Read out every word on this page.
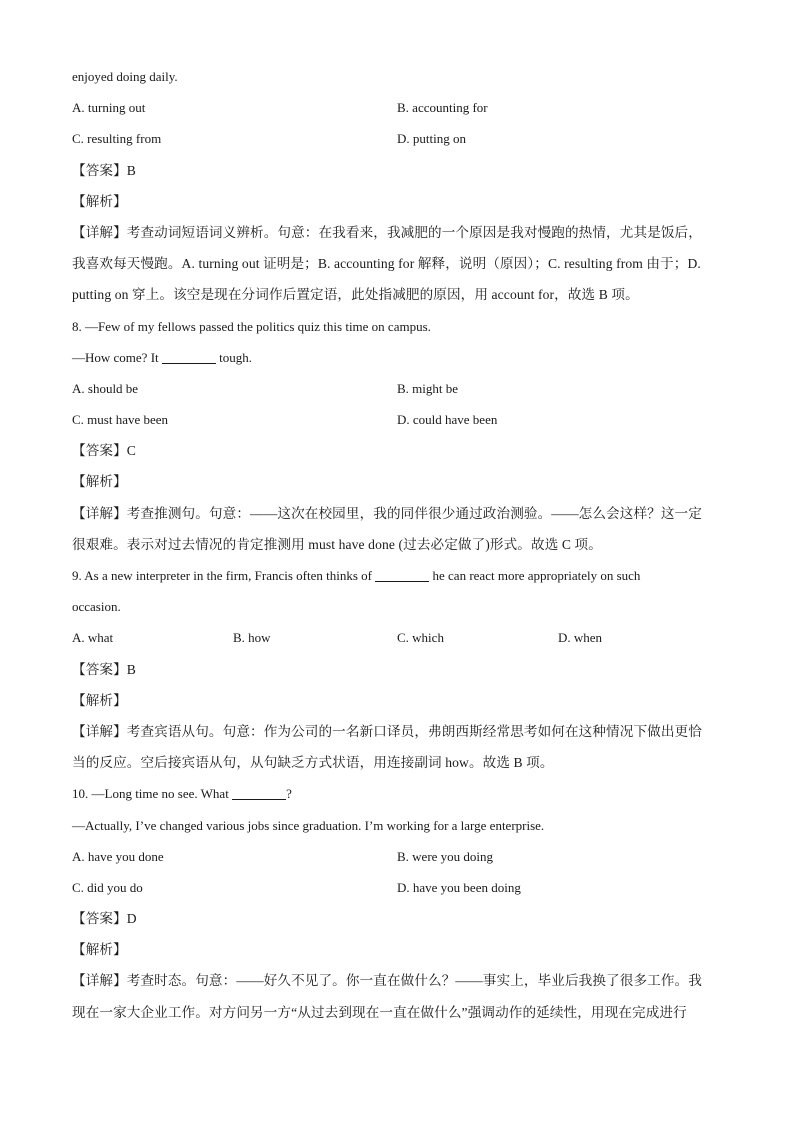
enjoyed doing daily.
A. turning out	B. accounting for
C. resulting from	D. putting on
【答案】B
【解析】
【详解】考查动词短语词义辨析。句意：在我看来，我减肥的一个原因是我对慢跑的热情，尤其是饭后，
我喜欢每天慢跑。A. turning out 证明是；B. accounting for 解释，说明（原因）；C. resulting from 由于；D.
putting on 穿上。该空是现在分词作后置定语，此处指减肥的原因，用 account for，故选 B 项。
8. —Few of my fellows passed the politics quiz this time on campus.
—How come? It	tough.
A. should be	B. might be
C. must have been	D. could have been
【答案】C
【解析】
【详解】考查推测句。句意：——这次在校园里，我的同伴很少通过政治测验。——怎么会这样？这一定
很艰难。表示对过去情况的肯定推测用 must have done (过去必定做了)形式。故选 C 项。
9. As a new interpreter in the firm, Francis often thinks of	he can react more appropriately on such
occasion.
A. what	B. how	C. which	D. when
【答案】B
【解析】
【详解】考查宾语从句。句意：作为公司的一名新口译员，弗朗西斯经常思考如何在这种情况下做出更恰
当的反应。空后接宾语从句，从句缺乏方式状语，用连接副词 how。故选 B 项。
10. —Long time no see. What	?
—Actually, I’ve changed various jobs since graduation. I’m working for a large enterprise.
A. have you done	B. were you doing
C. did you do	D. have you been doing
【答案】D
【解析】
【详解】考查时态。句意：——好久不见了。你一直在做什么？——事实上，毕业后我换了很多工作。我
现在一家大企业工作。对方问另一方“从过去到现在一直在做什么”强调动作的延续性，用现在完成进行
